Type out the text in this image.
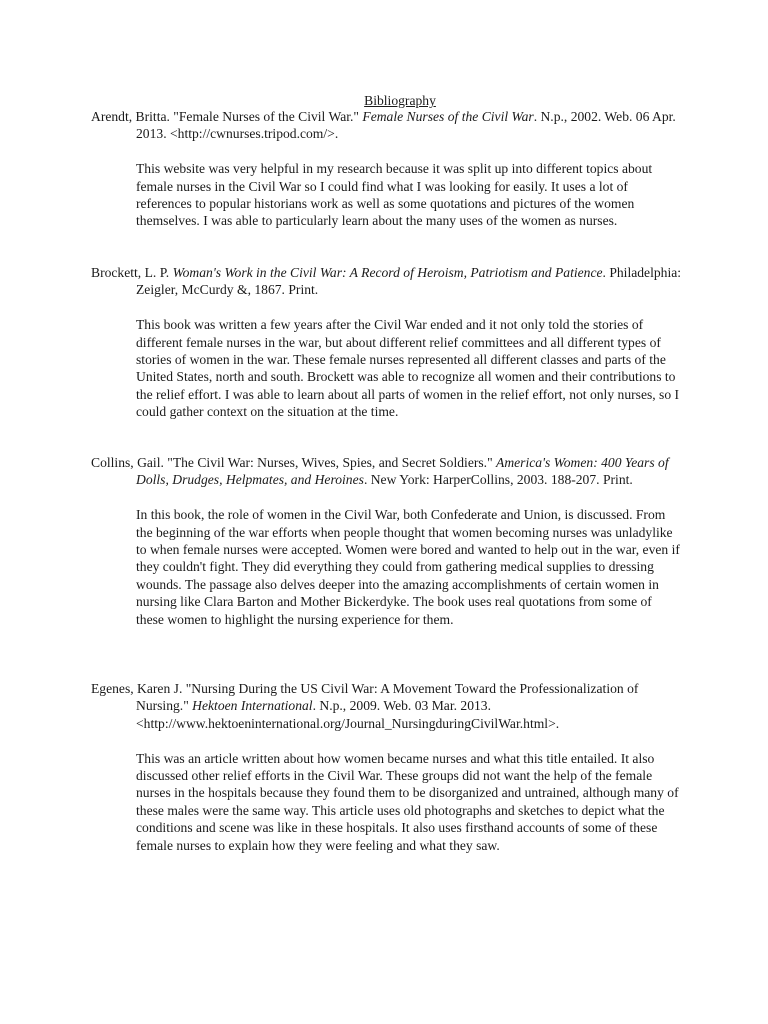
Bibliography

Arendt, Britta. "Female Nurses of the Civil War." Female Nurses of the Civil War. N.p., 2002. Web. 06 Apr. 2013. <http://cwnurses.tripod.com/>.

This website was very helpful in my research because it was split up into different topics about female nurses in the Civil War so I could find what I was looking for easily. It uses a lot of references to popular historians work as well as some quotations and pictures of the women themselves. I was able to particularly learn about the many uses of the women as nurses.

Brockett, L. P. Woman's Work in the Civil War: A Record of Heroism, Patriotism and Patience. Philadelphia: Zeigler, McCurdy &, 1867. Print.

This book was written a few years after the Civil War ended and it not only told the stories of different female nurses in the war, but about different relief committees and all different types of stories of women in the war. These female nurses represented all different classes and parts of the United States, north and south. Brockett was able to recognize all women and their contributions to the relief effort. I was able to learn about all parts of women in the relief effort, not only nurses, so I could gather context on the situation at the time.

Collins, Gail. "The Civil War: Nurses, Wives, Spies, and Secret Soldiers." America's Women: 400 Years of Dolls, Drudges, Helpmates, and Heroines. New York: HarperCollins, 2003. 188-207. Print.

In this book, the role of women in the Civil War, both Confederate and Union, is discussed. From the beginning of the war efforts when people thought that women becoming nurses was unladylike to when female nurses were accepted. Women were bored and wanted to help out in the war, even if they couldn't fight. They did everything they could from gathering medical supplies to dressing wounds. The passage also delves deeper into the amazing accomplishments of certain women in nursing like Clara Barton and Mother Bickerdyke. The book uses real quotations from some of these women to highlight the nursing experience for them.

Egenes, Karen J. "Nursing During the US Civil War: A Movement Toward the Professionalization of Nursing." Hektoen International. N.p., 2009. Web. 03 Mar. 2013. <http://www.hektoeninternational.org/Journal_NursingduringCivilWar.html>.

This was an article written about how women became nurses and what this title entailed. It also discussed other relief efforts in the Civil War. These groups did not want the help of the female nurses in the hospitals because they found them to be disorganized and untrained, although many of these males were the same way. This article uses old photographs and sketches to depict what the conditions and scene was like in these hospitals. It also uses firsthand accounts of some of these female nurses to explain how they were feeling and what they saw.
